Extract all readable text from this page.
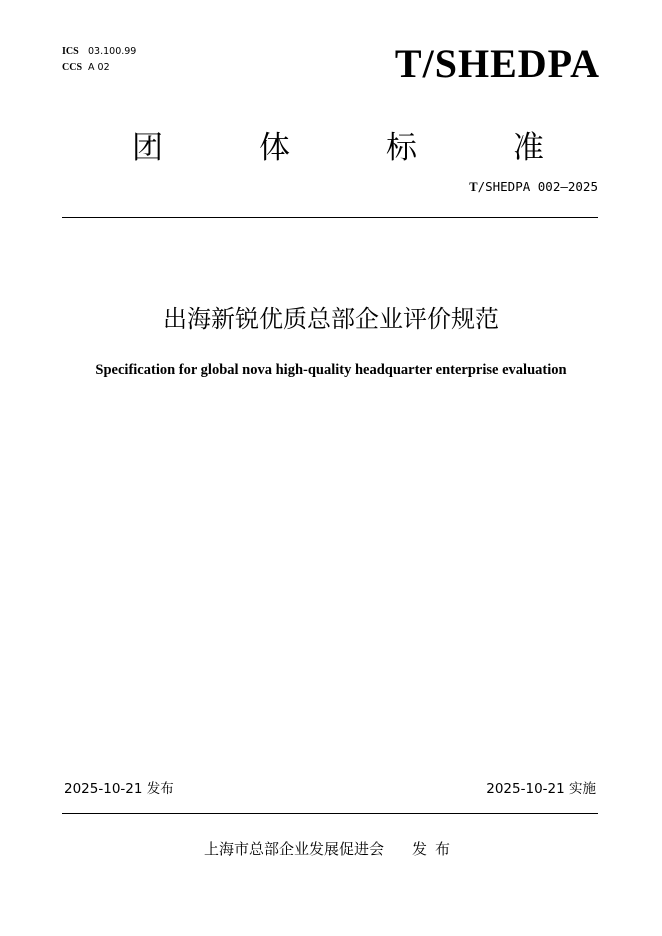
ICS 03.100.99
CCS A 02	T/SHEDPA
团	体	标	准
T/SHEDPA 002—2025
出海新锐优质总部企业评价规范
Specification for global nova high-quality headquarter enterprise evaluation
2025-10-21 发布	2025-10-21 实施
上海市总部企业发展促进会 发布
